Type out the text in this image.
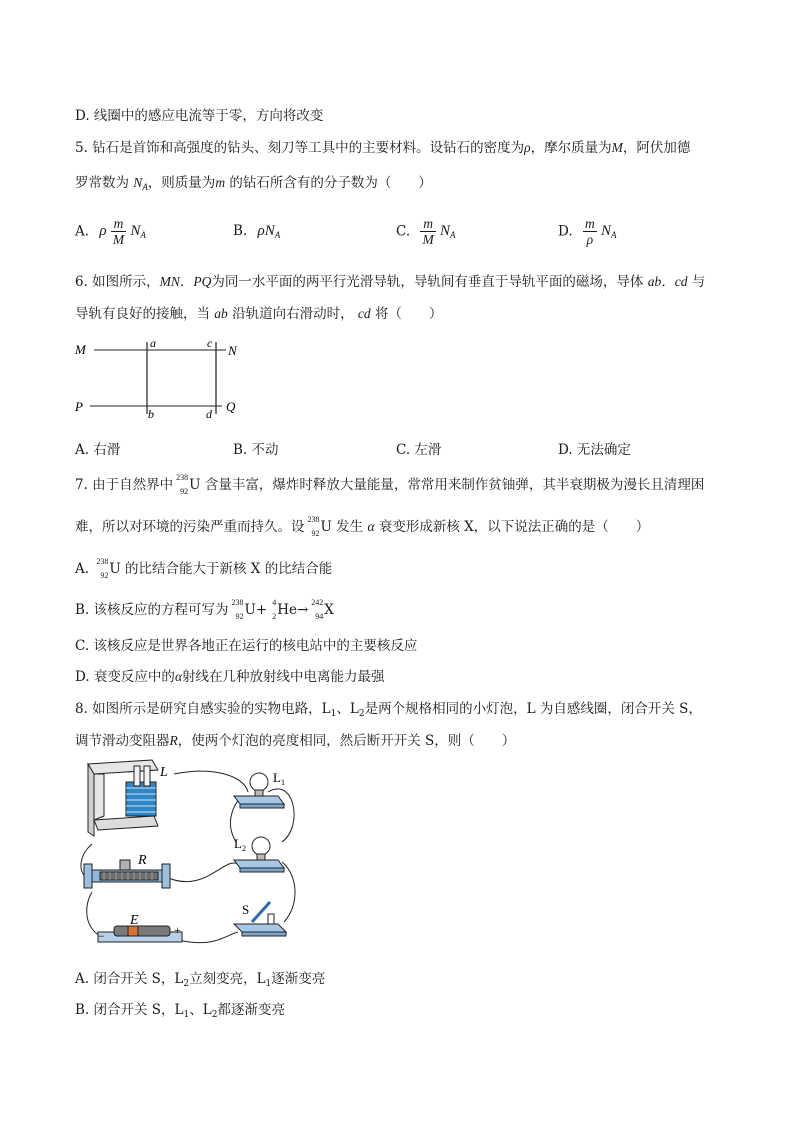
D. 线圈中的感应电流等于零，方向将改变
5. 钻石是首饰和高强度的钻头、刻刀等工具中的主要材料。设钻石的密度为ρ，摩尔质量为M，阿伏加德
罗常数为 $N_A$，则质量为m 的钻石所含有的分子数为（　　）
A. ρ $\frac{m}{M} N_A$	B. $\rho N_A$	C. $\frac{m}{M} N_A$	D. $\frac{m}{\rho} N_A$
6. 如图所示，MN．PQ为同一水平面的两平行光滑导轨，导轨间有垂直于导轨平面的磁场，导体 ab．cd 与
导轨有良好的接触，当 ab 沿轨道向右滑动时， cd 将（　　）
M	N
P	Q
a
b
c
d
A. 右滑	B. 不动	C. 左滑	D. 无法确定
7. 由于自然界中 238
92 U 含量丰富，爆炸时释放大量能量，常常用来制作贫铀弹，其半衰期极为漫长且清理困
难，所以对环境的污染严重而持久。设 238
92 U 发生 α 衰变形成新核 X，以下说法正确的是（　　）
A. 238
92 U 的比结合能大于新核 X 的比结合能
B. 该核反应的方程可写为 238
92 U+ 4
2 He→ 242
94 X
C. 该核反应是世界各地正在运行的核电站中的主要核反应
D. 衰变反应中的α射线在几种放射线中电离能力最强
8. 如图所示是研究自感实验的实物电路，$L_1$、$L_2$是两个规格相同的小灯泡，L 为自感线圈，闭合开关 S，
调节滑动变阻器R，使两个灯泡的亮度相同，然后断开开关 S，则（　　）
L	$L_1$
$L_2$
R
E
−	+
S
A. 闭合开关 S，$L_2$立刻变亮，$L_1$逐渐变亮
B. 闭合开关 S，$L_1$、$L_2$都逐渐变亮
